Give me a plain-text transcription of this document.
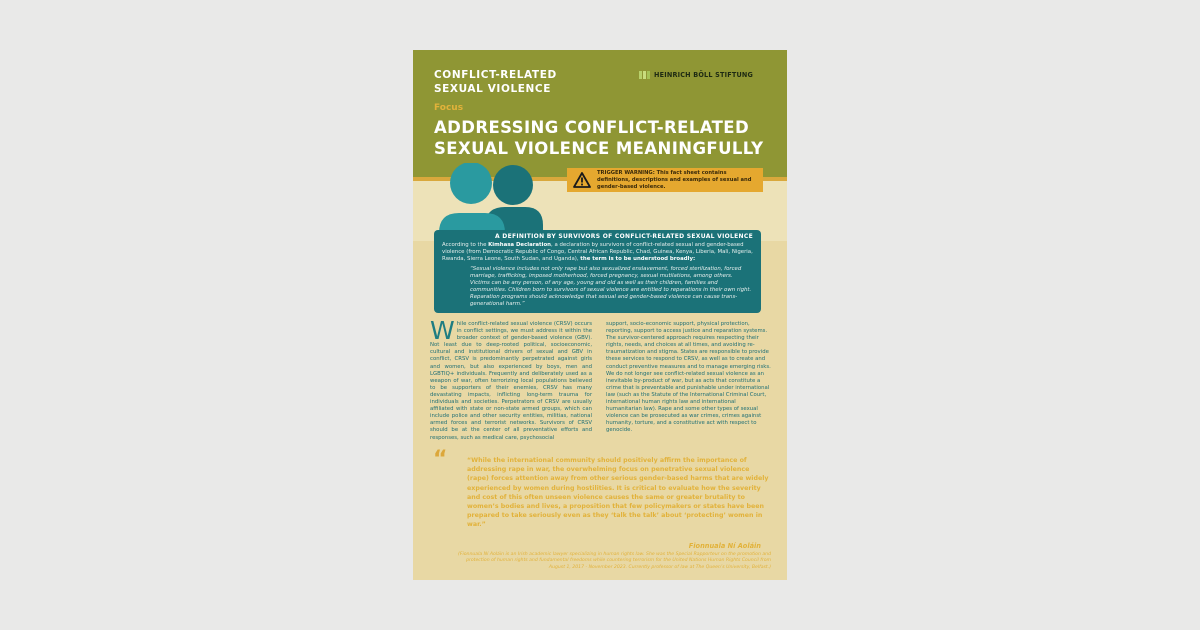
CONFLICT-RELATED SEXUAL VIOLENCE
HEINRICH BÖLL STIFTUNG
Focus
ADDRESSING CONFLICT-RELATED SEXUAL VIOLENCE MEANINGFULLY
TRIGGER WARNING: This fact sheet contains definitions, descriptions and examples of sexual and gender-based violence.
A DEFINITION BY SURVIVORS OF CONFLICT-RELATED SEXUAL VIOLENCE
According to the Kimhasa Declaration, a declaration by survivors of conflict-related sexual and gender-based violence (from Democratic Republic of Congo, Central African Republic, Chad, Guinea, Kenya, Liberia, Mali, Nigeria, Rwanda, Sierra Leone, South Sudan, and Uganda), the term is to be understood broadly:
“Sexual violence includes not only rape but also sexualized enslavement, forced sterilization, forced marriage, trafficking, imposed motherhood, forced pregnancy, sexual mutilations, among others. Victims can be any person, of any age, young and old as well as their children, families and communities. Children born to survivors of sexual violence are entitled to reparations in their own right. Reparation programs should acknowledge that sexual and gender-based violence can cause trans-generational harm.”
While conflict-related sexual violence (CRSV) occurs in conflict settings, we must address it within the broader context of gender-based violence (GBV). Not least due to deep-rooted political, socioeconomic, cultural and institutional drivers of sexual and GBV in conflict, CRSV is predominantly perpetrated against girls and women, but also experienced by boys, men and LGBTIQ+ individuals. Frequently and deliberately used as a weapon of war, often terrorizing local populations believed to be supporters of their enemies, CRSV has many devastating impacts, inflicting long-term trauma for individuals and societies. Perpetrators of CRSV are usually affiliated with state or non-state armed groups, which can include police and other security entities, militias, national armed forces and terrorist networks. Survivors of CRSV should be at the center of all preventative efforts and responses, such as medical care, psychosocial
support, socio-economic support, physical protection, reporting, support to access justice and reparation systems. The survivor-centered approach requires respecting their rights, needs, and choices at all times, and avoiding re-traumatization and stigma. States are responsible to provide these services to respond to CRSV, as well as to create and conduct preventive measures and to manage emerging risks. We do not longer see conflict-related sexual violence as an inevitable by-product of war, but as acts that constitute a crime that is preventable and punishable under international law (such as the Statute of the International Criminal Court, international human rights law and international humanitarian law). Rape and some other types of sexual violence can be prosecuted as war crimes, crimes against humanity, torture, and a constitutive act with respect to genocide.
“	“While the international community should positively affirm the importance of addressing rape in war, the overwhelming focus on penetrative sexual violence (rape) forces attention away from other serious gender-based harms that are widely experienced by women during hostilities. It is critical to evaluate how the severity and cost of this often unseen violence causes the same or greater brutality to women’s bodies and lives, a proposition that few policymakers or states have been prepared to take seriously even as they ‘talk the talk’ about ‘protecting’ women in war.”
Fionnuala Ní Aoláin
(Fionnuala Ní Aoláin is an Irish academic lawyer specializing in human rights law. She was the Special Rapporteur on the promotion and protection of human rights and fundamental freedoms while countering terrorism for the United Nations Human Rights Council from August 1, 2017 - November 2023. Currently professor of law at The Queen’s University, Belfast.)
